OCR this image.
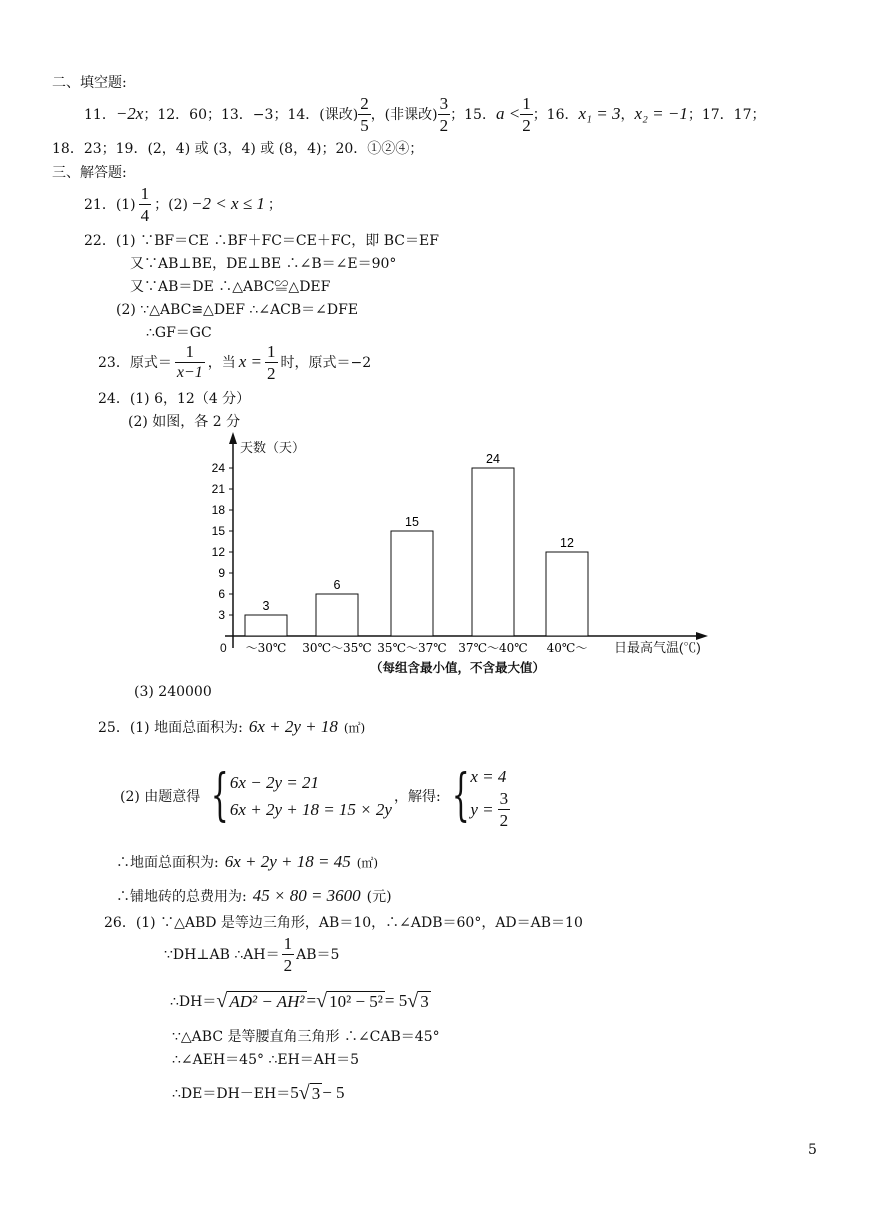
二、填空题:
11． −2x ；12．60；13．−3；14．(课改) $\frac{2}{5}$ ，(非课改) $\frac{3}{2}$ ；15． $a < \frac{1}{2}$ ；16． x₁ = 3 ， x₂ = −1 ；17．17；
18．23；19．(2，4) 或 (3，4) 或 (8，4)；20．①②④；
三、解答题:
21．$(1) \frac{1}{4}$ ；(2) −2 < x ≤ 1 ；
22．(1) ∵BF＝CE ∴BF＋FC＝CE＋FC，即 BC＝EF
又∵AB⊥BE，DE⊥BE ∴∠B＝∠E＝90°
又∵AB＝DE ∴△ABC≌△DEF
(2) ∵△ABC≌△DEF ∴∠ACB＝∠DFE
∴GF＝GC
23．原式＝ $\frac{1}{x-1}$ ，当 $x = \frac{1}{2}$ 时，原式＝−2
24．(1) 6，12（4 分）
(2) 如图，各 2 分
天数（天）
日最高气温(℃)
（每组含最小值，不含最大值）
0
3
～30℃
6
30℃～35℃
15
35℃～37℃
24
37℃～40℃
12
40℃～
3
6
9
12
15
18
21
24
(3) 240000
25．(1) 地面总面积为: 6x + 2y + 18 (㎡)
(2) 由题意得 { 6x − 2y = 21
6x + 2y + 18 = 15 × 2y
，解得: { x = 4
$y = \frac{3}{2}$
∴地面总面积为: 6x + 2y + 18 = 45 (㎡)
∴铺地砖的总费用为: 45 × 80 = 3600 (元)
26．(1) ∵△ABD 是等边三角形，AB＝10，∴∠ADB＝60°，AD＝AB＝10
∵DH⊥AB ∴AH＝ $\frac{1}{2} AB=5$
∴DH＝ √ AD² − AH² = √ 10² − 5² = 5 √ 3
∵△ABC 是等腰直角三角形 ∴∠CAB＝45°
∴∠AEH＝45° ∴EH＝AH＝5
∴DE＝DH－EH＝ 5 √ 3 − 5
5
